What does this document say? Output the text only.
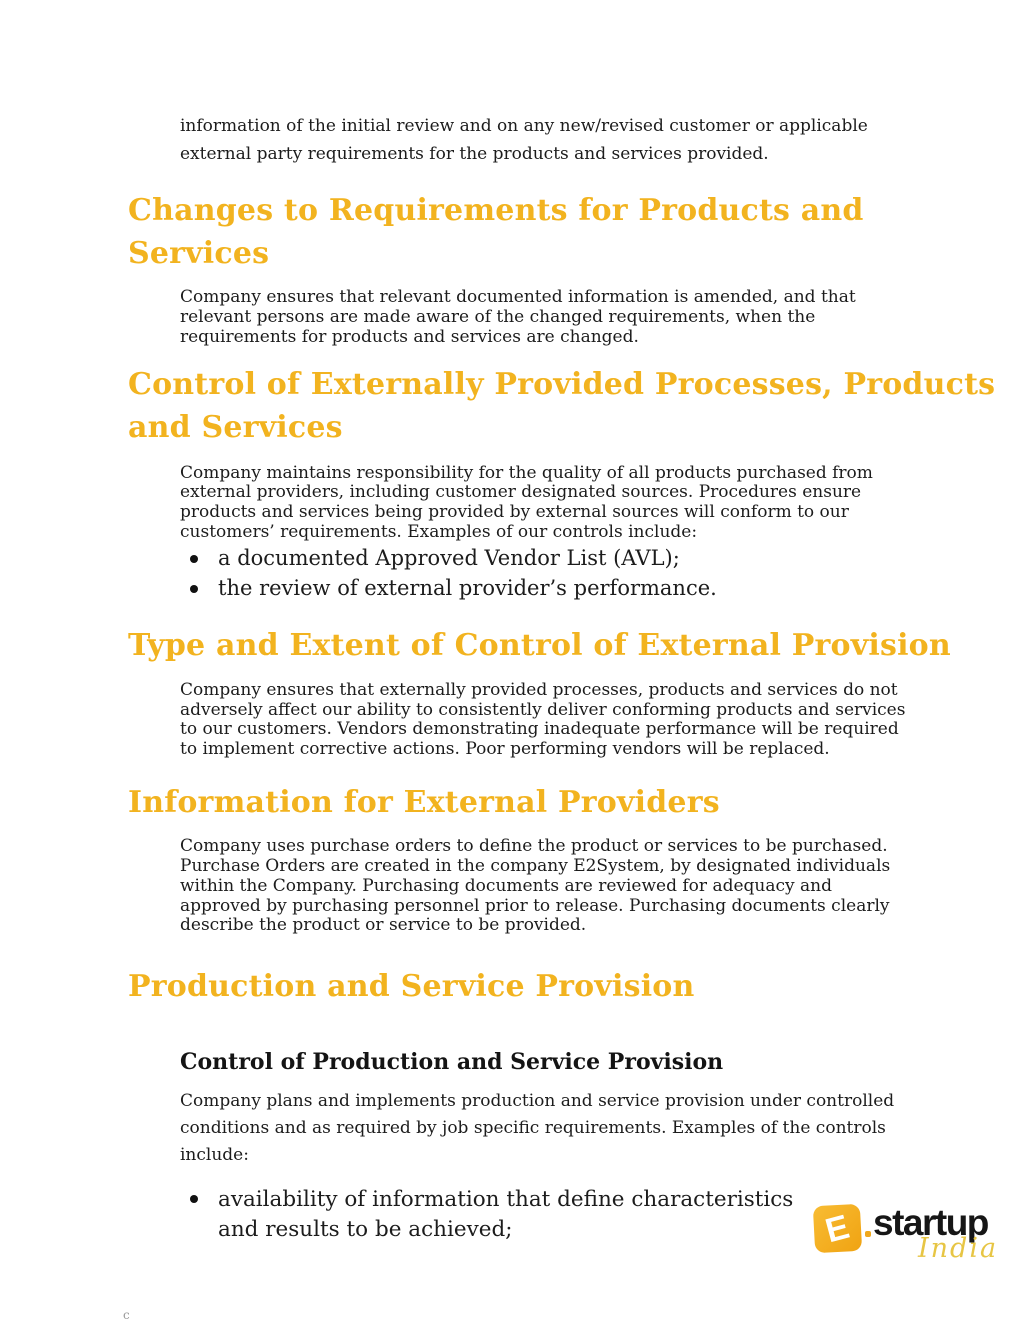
information of the initial review and on any new/revised customer or applicable external party requirements for the products and services provided.

Changes to Requirements for Products and Services

Company ensures that relevant documented information is amended, and that relevant persons are made aware of the changed requirements, when the requirements for products and services are changed.

Control of Externally Provided Processes, Products and Services

Company maintains responsibility for the quality of all products purchased from external providers, including customer designated sources. Procedures ensure products and services being provided by external sources will conform to our customers’ requirements. Examples of our controls include:

a documented Approved Vendor List (AVL);
the review of external provider’s performance.
Type and Extent of Control of External Provision

Company ensures that externally provided processes, products and services do not adversely affect our ability to consistently deliver conforming products and services to our customers. Vendors demonstrating inadequate performance will be required to implement corrective actions. Poor performing vendors will be replaced.

Information for External Providers

Company uses purchase orders to define the product or services to be purchased. Purchase Orders are created in the company E2System, by designated individuals within the Company. Purchasing documents are reviewed for adequacy and approved by purchasing personnel prior to release. Purchasing documents clearly describe the product or service to be provided.

Production and Service Provision
Control of Production and Service Provision

Company plans and implements production and service provision under controlled conditions and as required by job specific requirements. Examples of the controls include:

availability of information that define characteristics and results to be achieved;	E startup
India
c
